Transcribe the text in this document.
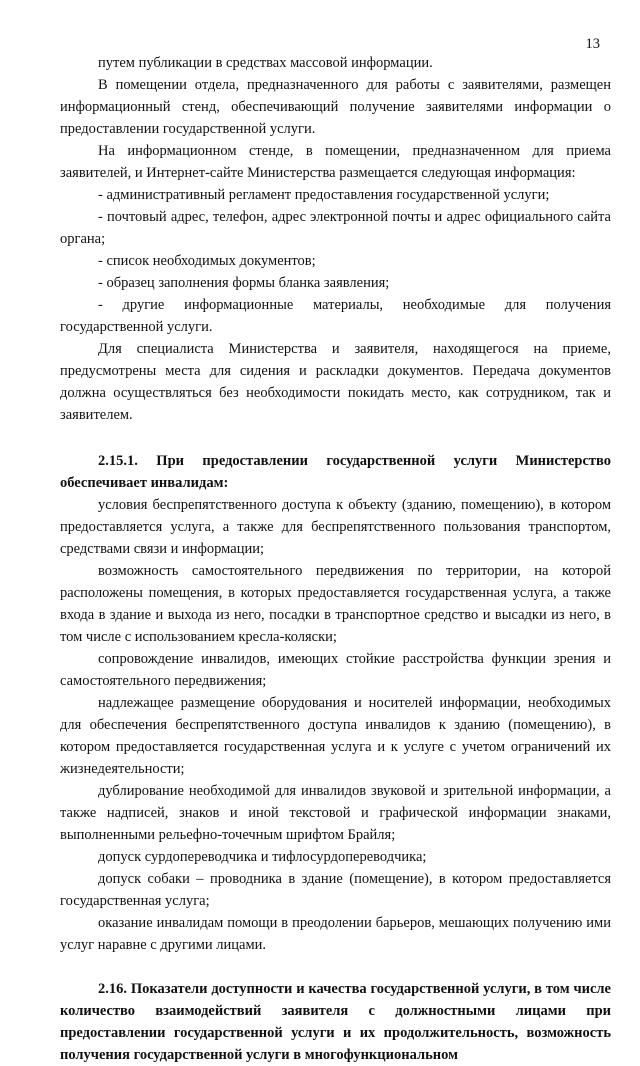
13

путем публикации в средствах массовой информации.

В помещении отдела, предназначенного для работы с заявителями, размещен информационный стенд, обеспечивающий получение заявителями информации о предоставлении государственной услуги.

На информационном стенде, в помещении, предназначенном для приема заявителей, и Интернет-сайте Министерства размещается следующая информация:

- административный регламент предоставления государственной услуги;

- почтовый адрес, телефон, адрес электронной почты и адрес официального сайта органа;

- список необходимых документов;

- образец заполнения формы бланка заявления;

- другие информационные материалы, необходимые для получения государственной услуги.

Для специалиста Министерства и заявителя, находящегося на приеме, предусмотрены места для сидения и раскладки документов. Передача документов должна осуществляться без необходимости покидать место, как сотрудником, так и заявителем.

2.15.1. При предоставлении государственной услуги Министерство обеспечивает инвалидам:

условия беспрепятственного доступа к объекту (зданию, помещению), в котором предоставляется услуга, а также для беспрепятственного пользования транспортом, средствами связи и информации;

возможность самостоятельного передвижения по территории, на которой расположены помещения, в которых предоставляется государственная услуга, а также входа в здание и выхода из него, посадки в транспортное средство и высадки из него, в том числе с использованием кресла-коляски;

сопровождение инвалидов, имеющих стойкие расстройства функции зрения и самостоятельного передвижения;

надлежащее размещение оборудования и носителей информации, необходимых для обеспечения беспрепятственного доступа инвалидов к зданию (помещению), в котором предоставляется государственная услуга и к услуге с учетом ограничений их жизнедеятельности;

дублирование необходимой для инвалидов звуковой и зрительной информации, а также надписей, знаков и иной текстовой и графической информации знаками, выполненными рельефно-точечным шрифтом Брайля;

допуск сурдопереводчика и тифлосурдопереводчика;

допуск собаки – проводника в здание (помещение), в котором предоставляется государственная услуга;

оказание инвалидам помощи в преодолении барьеров, мешающих получению ими услуг наравне с другими лицами.

2.16. Показатели доступности и качества государственной услуги, в том числе количество взаимодействий заявителя с должностными лицами при предоставлении государственной услуги и их продолжительность, возможность получения государственной услуги в многофункциональном
